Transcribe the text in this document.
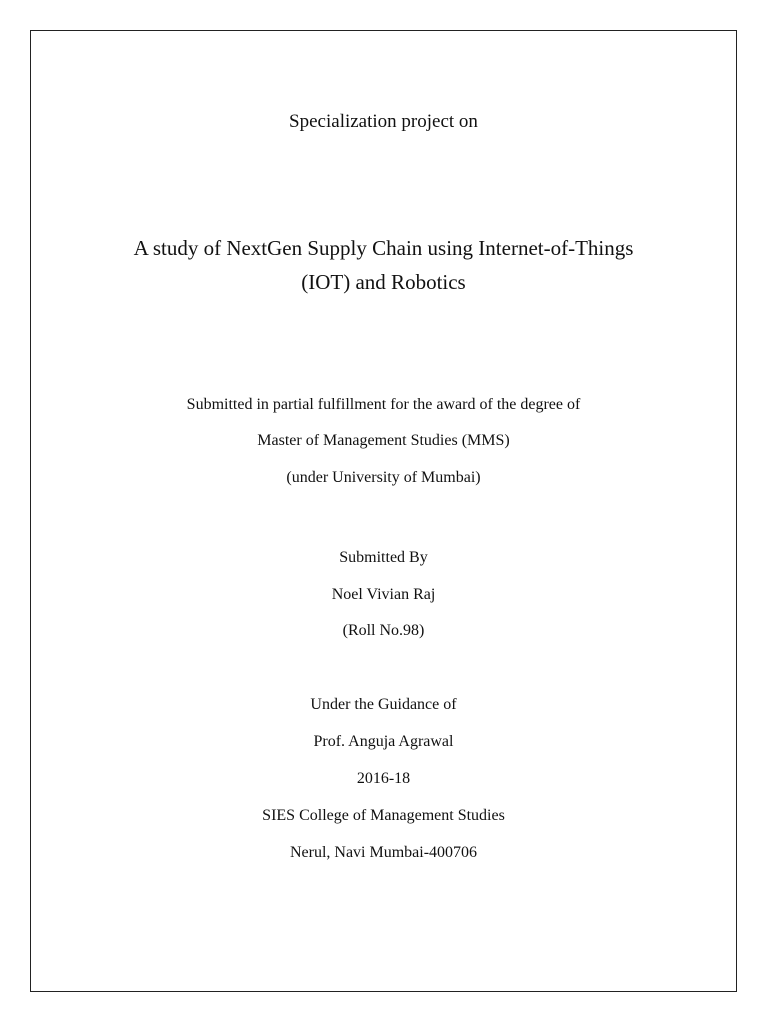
Specialization project on
A study of NextGen Supply Chain using Internet-of-Things
(IOT) and Robotics
Submitted in partial fulfillment for the award of the degree of
Master of Management Studies (MMS)
(under University of Mumbai)
Submitted By
Noel Vivian Raj
(Roll No.98)
Under the Guidance of
Prof. Anguja Agrawal
2016-18
SIES College of Management Studies
Nerul, Navi Mumbai-400706
